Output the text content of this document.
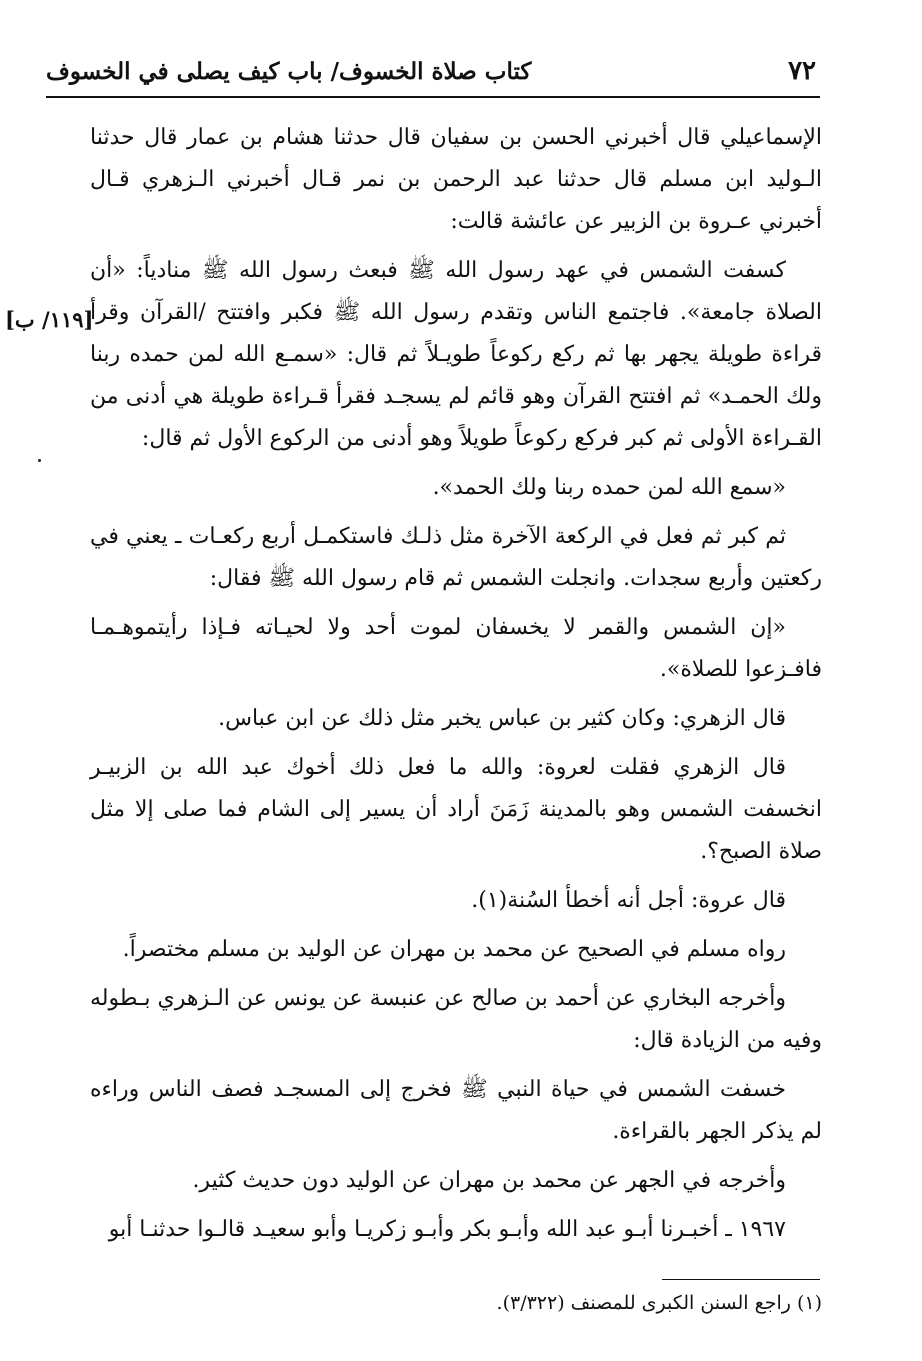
٧٢
كتاب صلاة الخسوف/ باب كيف يصلى في الخسوف
[١١٩/ ب]

الإسماعيلي قال أخبرني الحسن بن سفيان قال حدثنا هشام بن عمار قال حدثنا الـوليد ابن مسلم قال حدثنا عبد الرحمن بن نمر قـال أخبرني الـزهري قـال أخبرني عـروة بن الزبير عن عائشة قالت:

كسفت الشمس في عهد رسول الله ﷺ فبعث رسول الله ﷺ منادياً: «أن الصلاة جامعة». فاجتمع الناس وتقدم رسول الله ﷺ فكبر وافتتح /القرآن وقرأ قراءة طويلة يجهر بها ثم ركع ركوعاً طويـلاً ثم قال: «سمـع الله لمن حمده ربنا ولك الحمـد» ثم افتتح القرآن وهو قائم لم يسجـد فقرأ قـراءة طويلة هي أدنى من القـراءة الأولى ثم كبر فركع ركوعاً طويلاً وهو أدنى من الركوع الأول ثم قال:

«سمع الله لمن حمده ربنا ولك الحمد».

ثم كبر ثم فعل في الركعة الآخرة مثل ذلـك فاستكمـل أربع ركعـات ـ يعني في ركعتين وأربع سجدات. وانجلت الشمس ثم قام رسول الله ﷺ فقال:

«إن الشمس والقمر لا يخسفان لموت أحد ولا لحيـاته فـإذا رأيتموهـمـا فافـزعوا للصلاة».

قال الزهري: وكان كثير بن عباس يخبر مثل ذلك عن ابن عباس.

قال الزهري فقلت لعروة: والله ما فعل ذلك أخوك عبد الله بن الزبيـر انخسفت الشمس وهو بالمدينة زَمَنَ أراد أن يسير إلى الشام فما صلى إلا مثل صلاة الصبح؟.

قال عروة: أجل أنه أخطأ السُنة(١).

رواه مسلم في الصحيح عن محمد بن مهران عن الوليد بن مسلم مختصراً.

وأخرجه البخاري عن أحمد بن صالح عن عنبسة عن يونس عن الـزهري بـطوله وفيه من الزيادة قال:

خسفت الشمس في حياة النبي ﷺ فخرج إلى المسجـد فصف الناس وراءه لم يذكر الجهر بالقراءة.

وأخرجه في الجهر عن محمد بن مهران عن الوليد دون حديث كثير.

١٩٦٧ ـ أخبـرنا أبـو عبد الله وأبـو بكر وأبـو زكريـا وأبو سعيـد قالـوا حدثنـا أبو

(١) راجع السنن الكبرى للمصنف (٣/٣٢٢).
